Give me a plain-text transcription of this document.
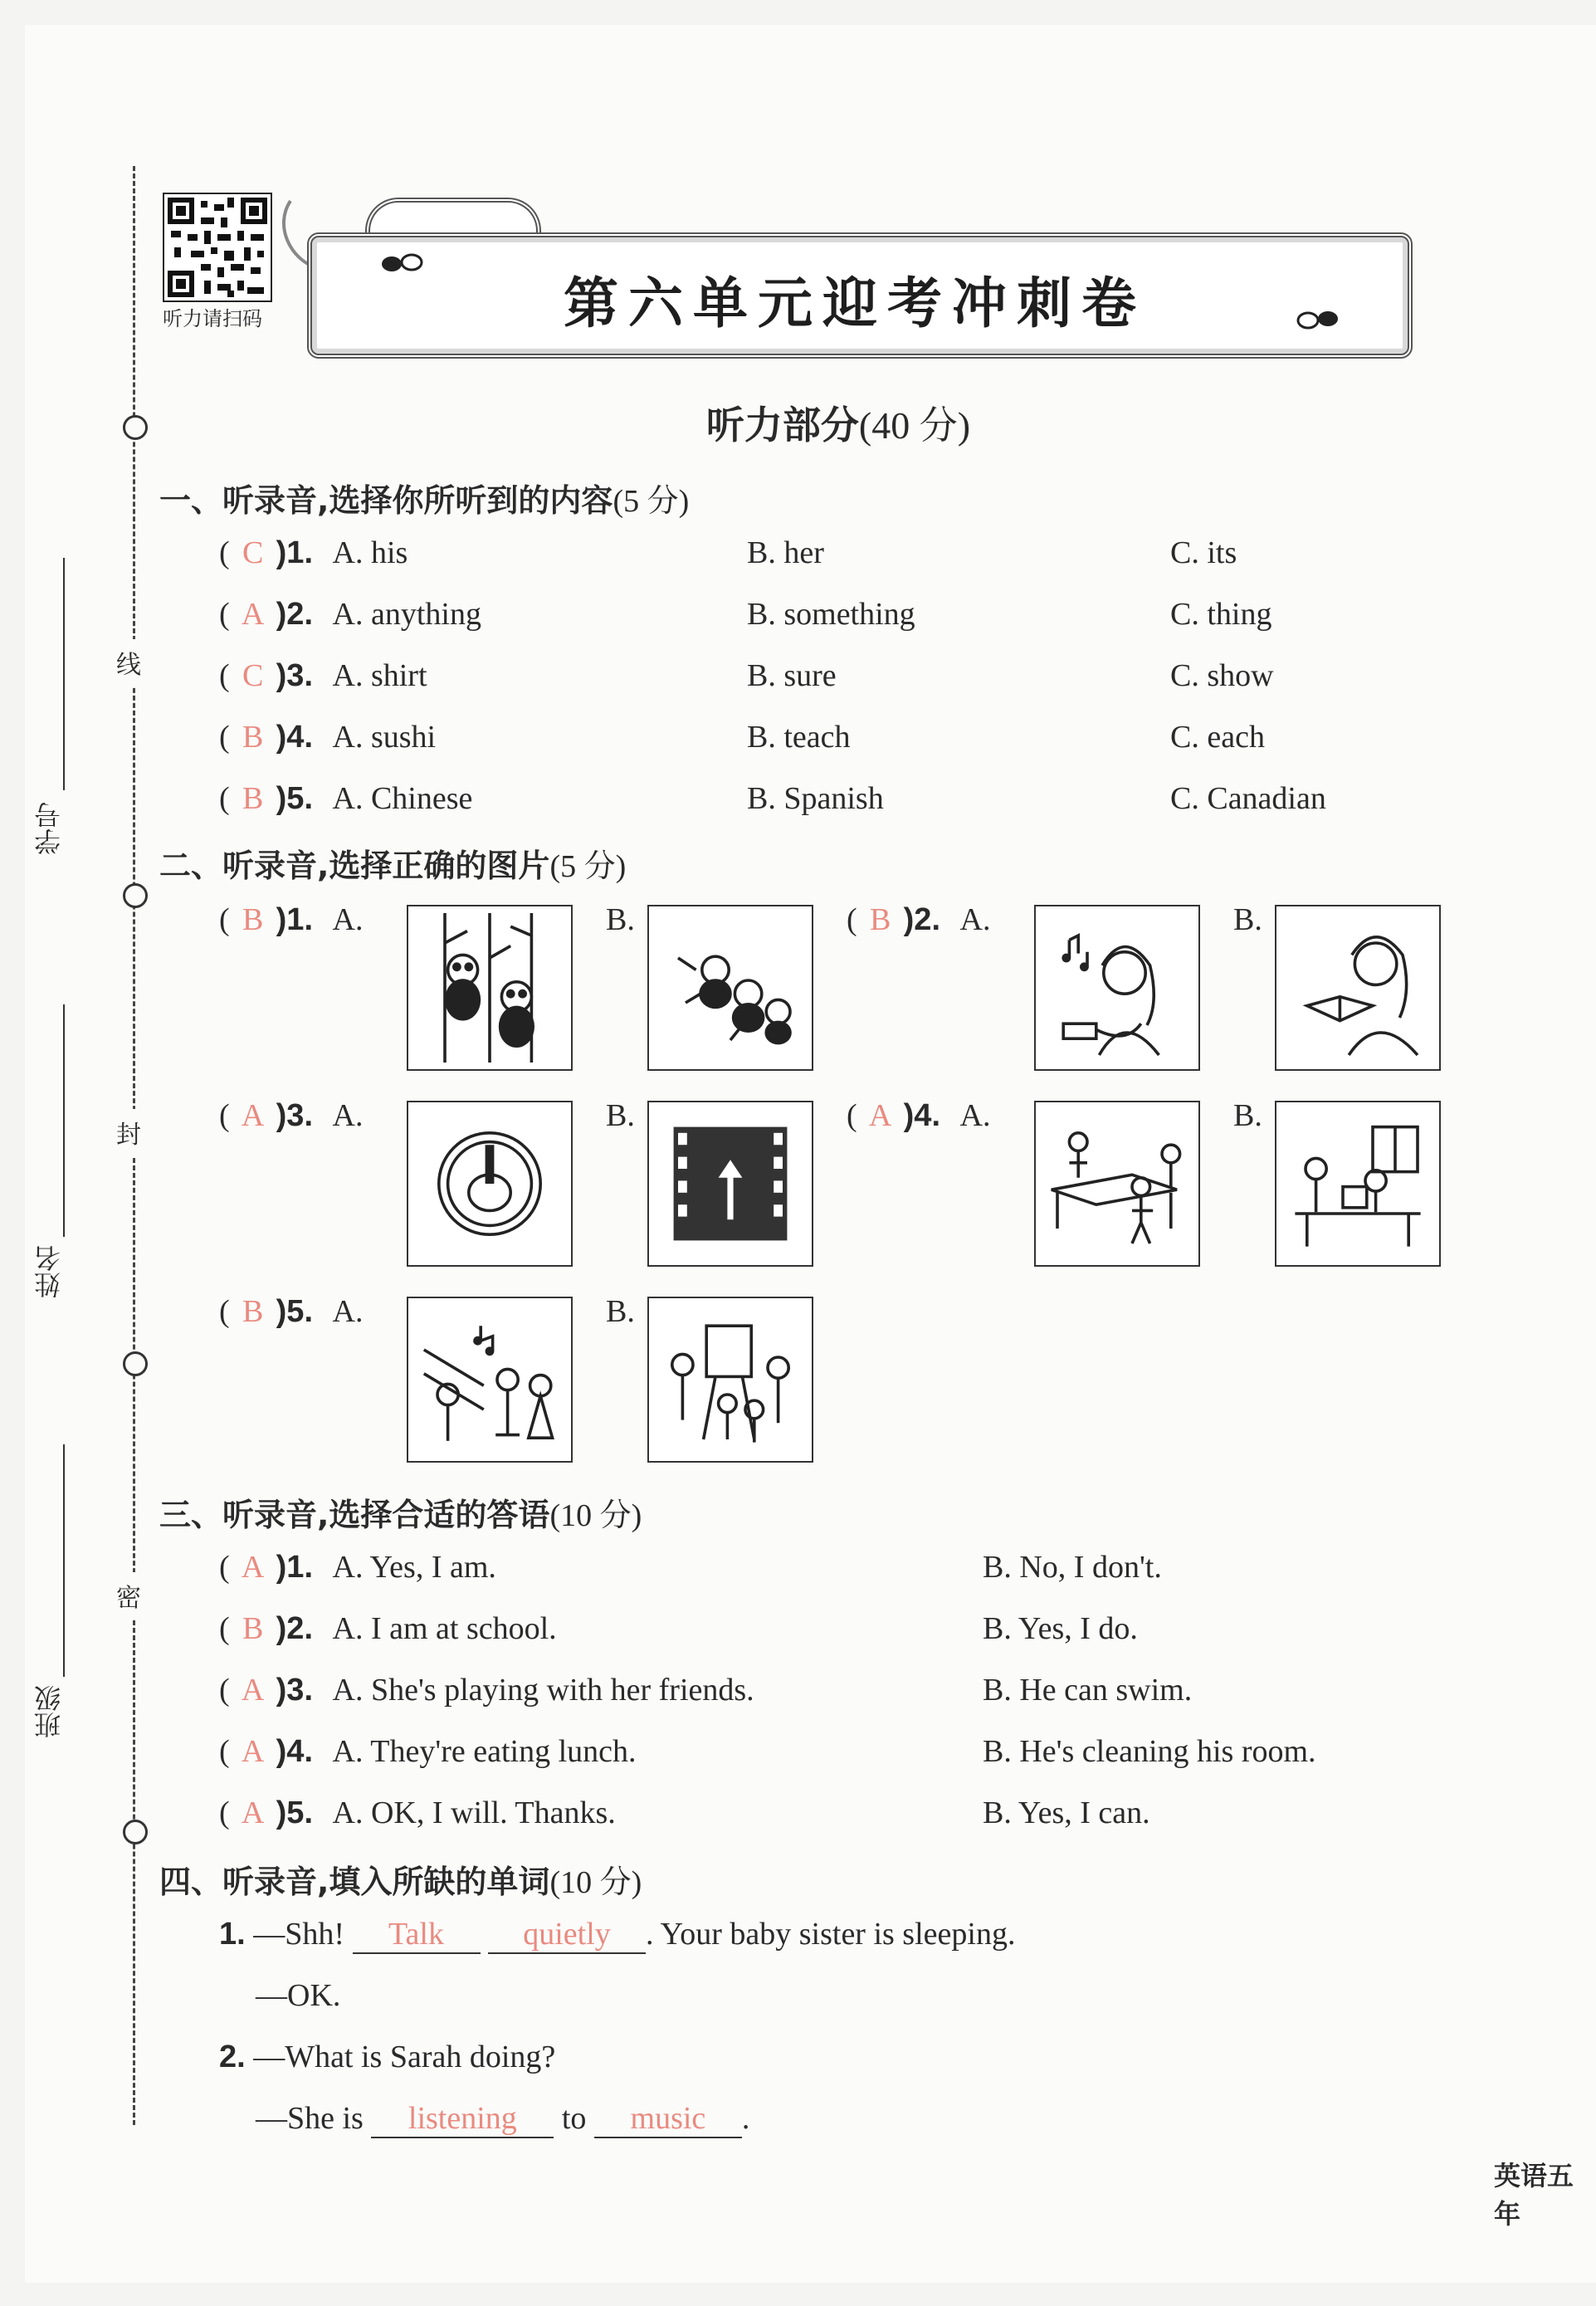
线
封
密
学号
姓名
班级
听力请扫码	第六单元迎考冲刺卷
听力部分(40 分)
一、听录音,选择你所听到的内容(5 分)
( C )1. A. his	B. her	C. its
( A )2. A. anything	B. something	C. thing
( C )3. A. shirt	B. sure	C. show
( B )4. A. sushi	B. teach	C. each
( B )5. A. Chinese	B. Spanish	C. Canadian
二、听录音,选择正确的图片(5 分)
( B )1. A.	B.	( B )2. A.	B.
( A )3. A.	B.	( A )4. A.	B.
( B )5. A.	B.
三、听录音,选择合适的答语(10 分)
( A )1. A. Yes, I am.	B. No, I don't.
( B )2. A. I am at school.	B. Yes, I do.
( A )3. A. She's playing with her friends.	B. He can swim.
( A )4. A. They're eating lunch.	B. He's cleaning his room.
( A )5. A. OK, I will. Thanks.	B. Yes, I can.
四、听录音,填入所缺的单词(10 分)
1. —Shh! Talk	quietly . Your baby sister is sleeping.
—OK.
2. —What is Sarah doing?
—She is listening to music .
英语五年
